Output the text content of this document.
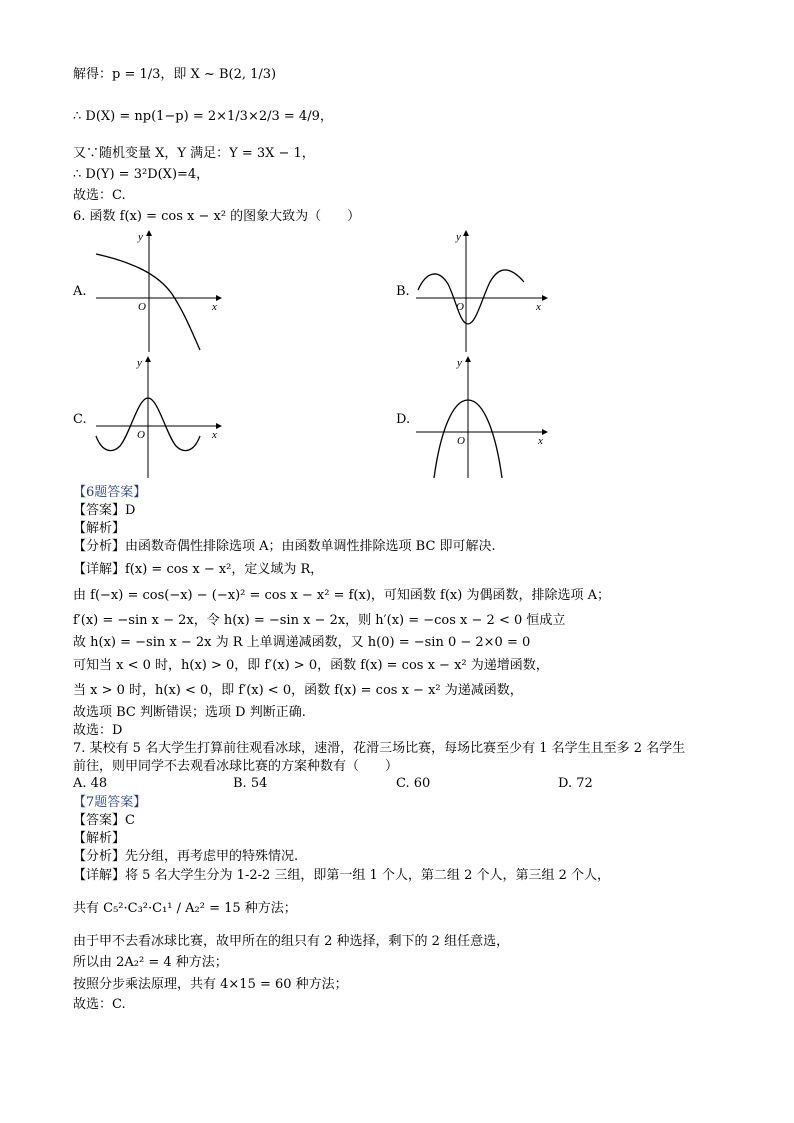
解得：p = 1/3，即 X ~ B(2, 1/3)
∴ D(X) = np(1−p) = 2×1/3×2/3 = 4/9，
又∵随机变量 X，Y 满足：Y = 3X − 1，
∴ D(Y) = 3²D(X)=4，
故选：C.
6. 函数 f(x) = cos x − x² 的图象大致为（　　）
A.
O	x
y
B.
O	x
y
C.
O	x
y
D.
O	x
y
【6题答案】
【答案】D
【解析】
【分析】由函数奇偶性排除选项 A；由函数单调性排除选项 BC 即可解决.
【详解】f(x) = cos x − x²，定义域为 R，
由 f(−x) = cos(−x) − (−x)² = cos x − x² = f(x)，可知函数 f(x) 为偶函数，排除选项 A；
f′(x) = −sin x − 2x，令 h(x) = −sin x − 2x，则 h′(x) = −cos x − 2 < 0 恒成立
故 h(x) = −sin x − 2x 为 R 上单调递减函数，又 h(0) = −sin 0 − 2×0 = 0
可知当 x < 0 时，h(x) > 0，即 f′(x) > 0，函数 f(x) = cos x − x² 为递增函数，
当 x > 0 时，h(x) < 0，即 f′(x) < 0，函数 f(x) = cos x − x² 为递减函数，
故选项 BC 判断错误；选项 D 判断正确.
故选：D
7. 某校有 5 名大学生打算前往观看冰球，速滑，花滑三场比赛，每场比赛至少有 1 名学生且至多 2 名学生
前往，则甲同学不去观看冰球比赛的方案种数有（　　）
A. 48	B. 54	C. 60	D. 72
【7题答案】
【答案】C
【解析】
【分析】先分组，再考虑甲的特殊情况.
【详解】将 5 名大学生分为 1-2-2 三组，即第一组 1 个人，第二组 2 个人，第三组 2 个人，
共有 C₅²·C₃²·C₁¹ / A₂² = 15 种方法；
由于甲不去看冰球比赛，故甲所在的组只有 2 种选择，剩下的 2 组任意选，
所以由 2A₂² = 4 种方法；
按照分步乘法原理，共有 4×15 = 60 种方法；
故选：C.
